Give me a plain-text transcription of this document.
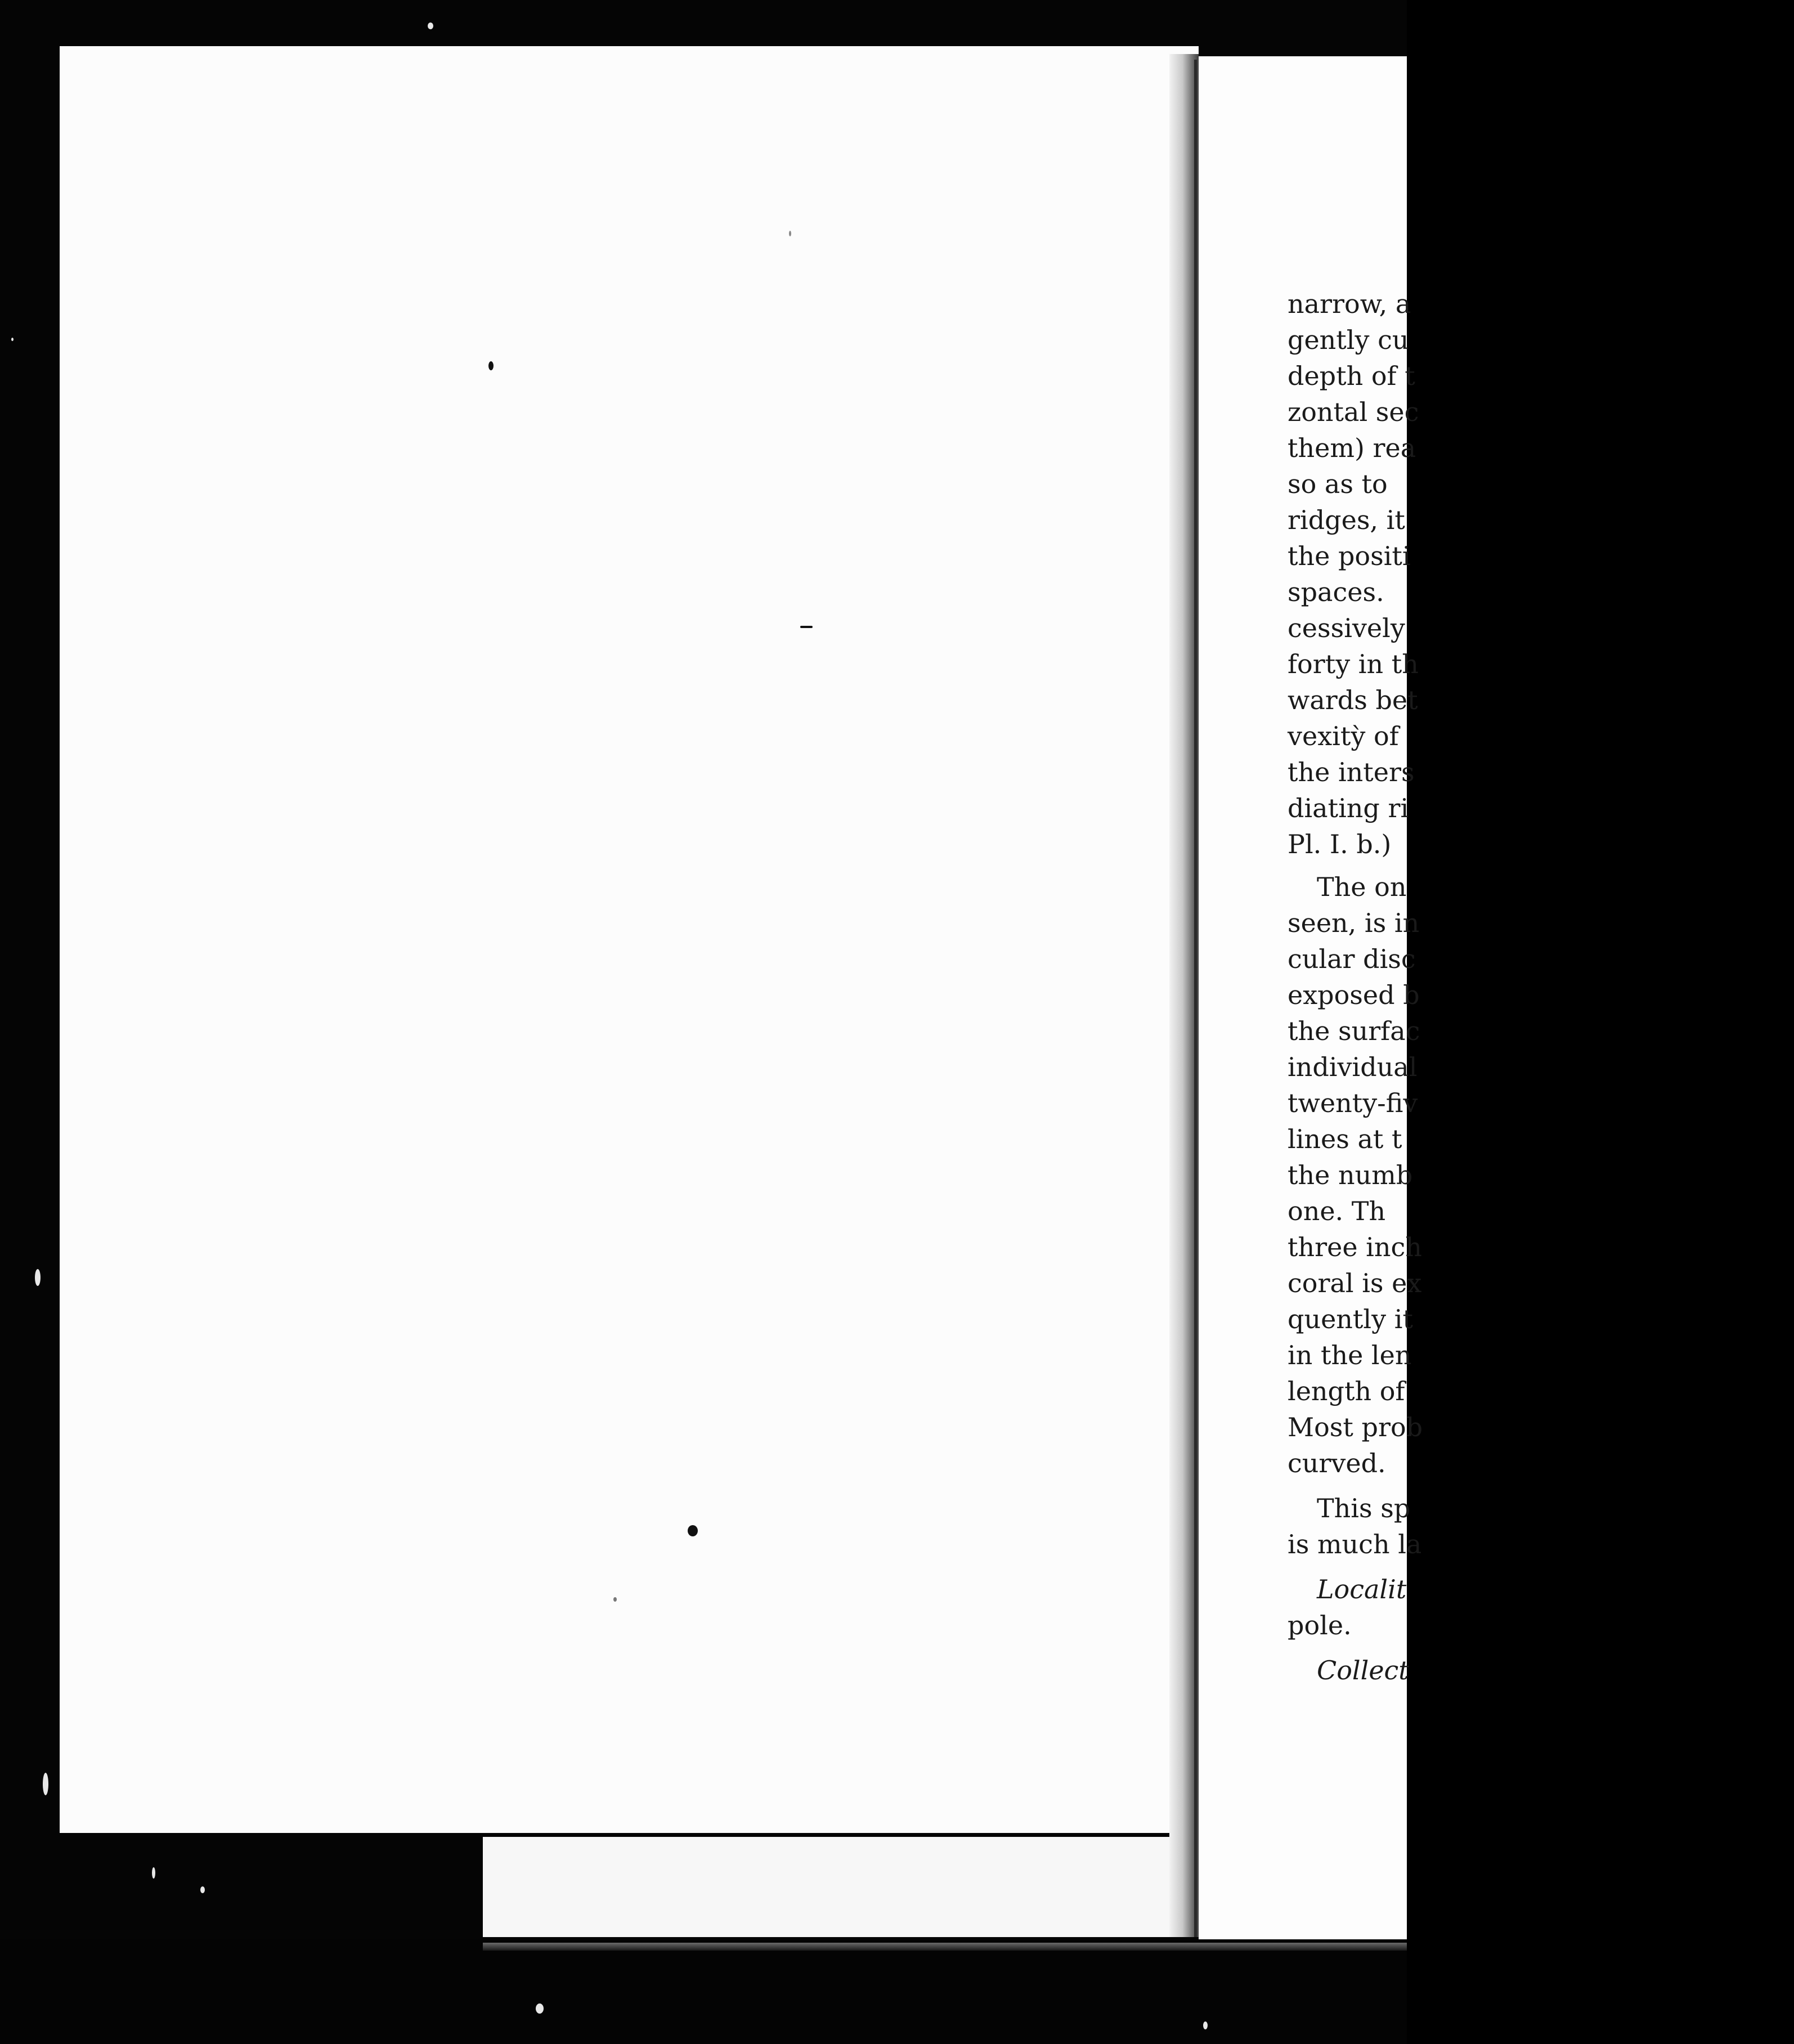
narrow, a
gently cu
depth of t
zontal sec
them) rea
so as to
ridges, it
the positi
spaces.
cessively
forty in th
wards bet
vexitỳ of
the inters
diating ri
Pl. I. b.)
The on
seen, is in
cular disc
exposed b
the surfac
individual
twenty-fiv
lines at t
the numb
one. Th
three inch
coral is ex
quently it
in the len
length of
Most prob
curved.
This sp
is much la
Localit
pole.
Collect
